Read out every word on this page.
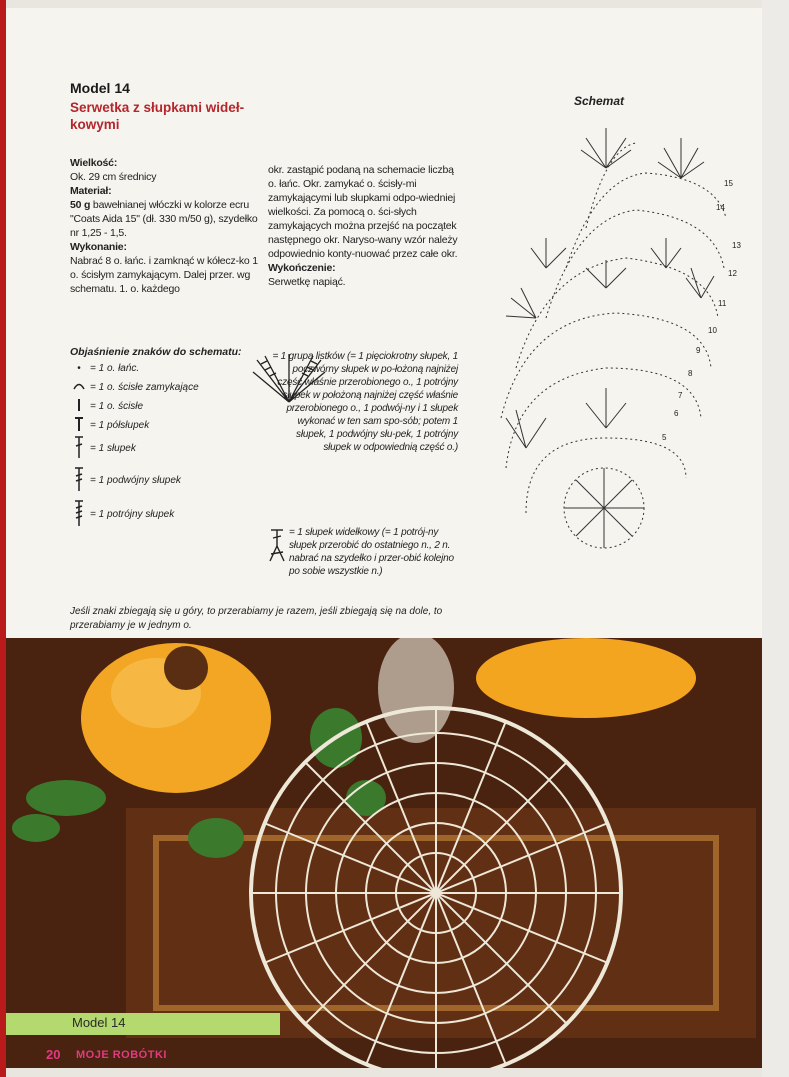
Model 14
Serwetka z słupkami wideł-kowymi

Wielkość:

Ok. 29 cm średnicy

Materiał:

50 g bawełnianej włóczki w kolorze ecru "Coats Aida 15" (dł. 330 m/50 g), szydełko nr 1,25 - 1,5.

Wykonanie:

Nabrać 8 o. łańc. i zamknąć w kółecz-ko 1 o. ścisłym zamykającym. Dalej przer. wg schematu. 1. o. każdego

okr. zastąpić podaną na schemacie liczbą o. łańc. Okr. zamykać o. ścisły-mi zamykającymi lub słupkami odpo-wiedniej wielkości. Za pomocą o. ści-słych zamykających można przejść na początek następnego okr. Naryso-wany wzór należy odpowiednio konty-nuować przez całe okr.

Wykończenie:

Serwetkę napiąć.

Objaśnienie znaków do schematu:
• = 1 o. łańc.
= 1 o. ścisłe zamykające
= 1 o. ścisłe
= 1 półsłupek
= 1 słupek
= 1 podwójny słupek
= 1 potrójny słupek
= 1 grupa listków (= 1 pięciokrotny słupek, 1 poczwórny słupek w po-łożoną najniżej część właśnie przerobionego o., 1 potrójny słupek w położoną najniżej część właśnie przerobionego o., 1 podwój-ny i 1 słupek wykonać w ten sam spo-sób; potem 1 słupek, 1 podwójny słu-pek, 1 potrójny słupek w odpowiednią część o.)
= 1 słupek widełkowy (= 1 potrój-ny słupek przerobić do ostatniego n., 2 n. nabrać na szydełko i przer-obić kolejno po sobie wszystkie n.)
Jeśli znaki zbiegają się u góry, to przerabiamy je razem, jeśli zbiegają się na dole, to przerabiamy je w jednym o.
Schemat
15
14
13
12
11
10
9
8
7
6
5
Model 14
20 MOJE ROBÓTKI
